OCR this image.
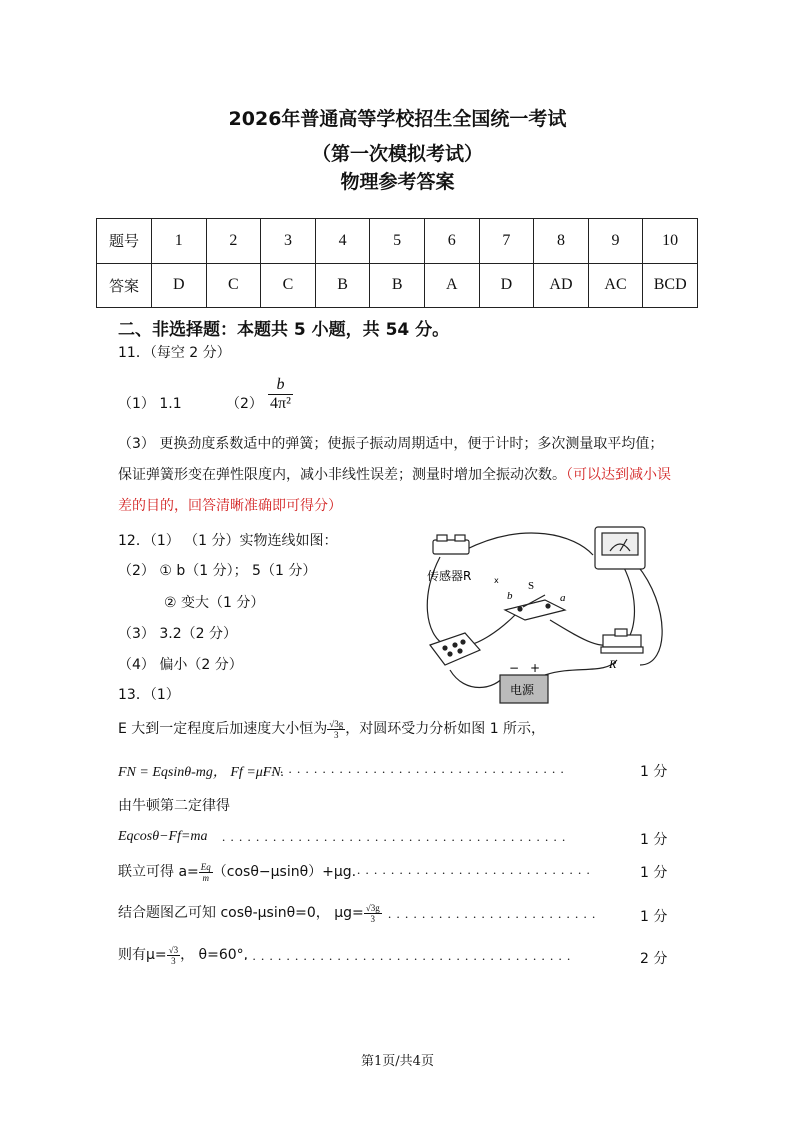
2026年普通高等学校招生全国统一考试
（第一次模拟考试）
物理参考答案
题号	1	2	3	4	5	6	7	8	9	10
答案	D	C	C	B	B	A	D	AD	AC	BCD
二、非选择题：本题共 5 小题，共 54 分。
11．（每空 2 分）
（1） 1.1	$(2) \frac{b}{\text{4π²}}$
（3） 更换劲度系数适中的弹簧；使振子振动周期适中，便于计时；多次测量取平均值；保证弹簧形变在弹性限度内，减小非线性误差；测量时增加全振动次数。（可以达到减小误差的目的，回答清晰准确即可得分）
12．（1） （1 分）实物连线如图：
（2） ① b（1 分）； 5（1 分）
② 变大（1 分）
（3） 3.2（2 分）
（4） 偏小（2 分）
传感器R	x
b
S
a
R
− +
电源
13．（1）
E 大到一定程度后加速度大小恒为 $\frac{√3g}{3}$ ，对圆环受力分析如图 1 所示，
FN = Eqsinθ-mg， Ff =μFN.
. . . . . . . . . . . . . . . . . . . . . . . . . . . . . . . . . . . .	1 分
由牛顿第二定律得
Eqcosθ−Ff=ma . . . . . . . . . . . . . . . . . . . . . . . . . . . . . . . . . . . . . . . . .	1 分
联立可得 $a= \frac{Eq}{m} (\cos\theta-\mu\sin\theta)+\mu g$. . . . . . . . . . . . . . . . . . . . . . . . . . . . .	1 分
结合题图乙可知 cosθ-μsinθ=0， $\mu g= \frac{√3g}{3}$ . . . . . . . . . . . . . . . . . . . . . . . . .	1 分
则有$\mu= \frac{√3}{3}$ ， θ=60°.
. . . . . . . . . . . . . . . . . . . . . . . . . . . . . . . . . . . . . . .	2 分
第1页/共4页
